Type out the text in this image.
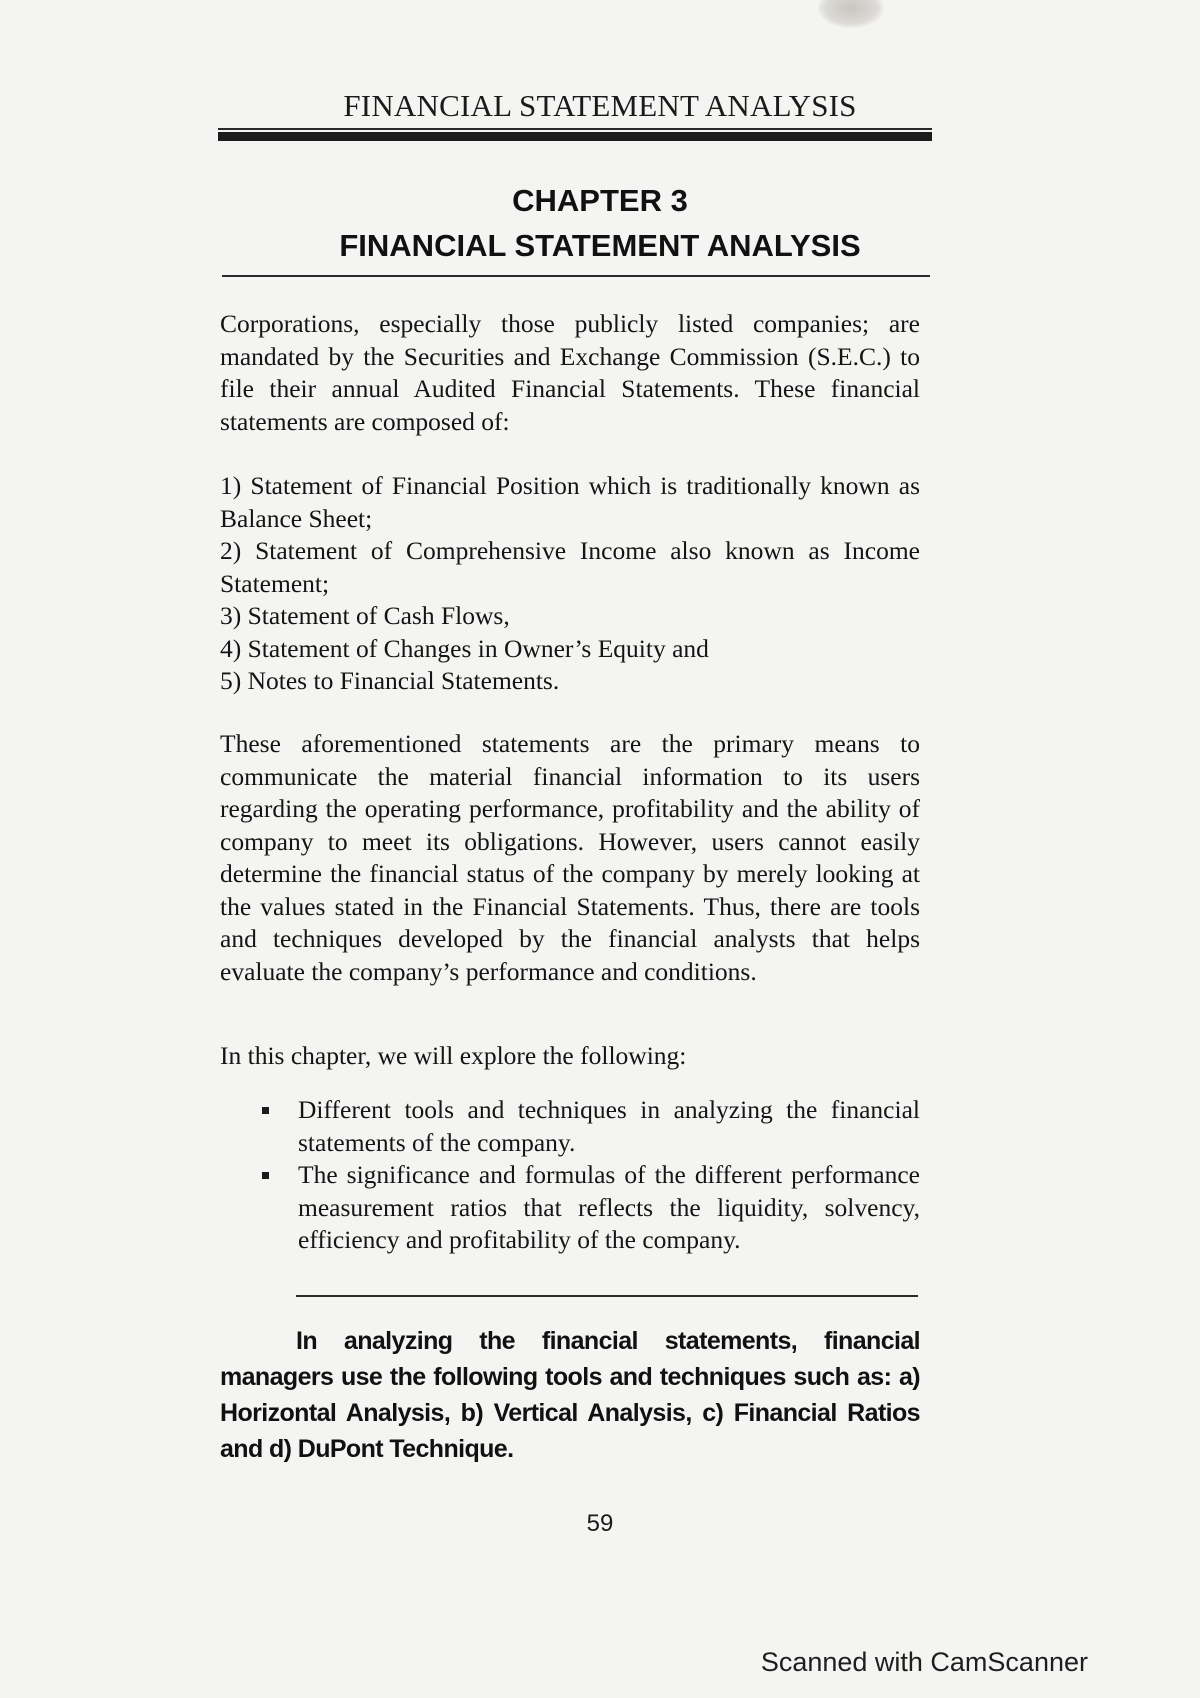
FINANCIAL STATEMENT ANALYSIS
CHAPTER 3
FINANCIAL STATEMENT ANALYSIS
Corporations, especially those publicly listed companies; are mandated by the Securities and Exchange Commission (S.E.C.) to file their annual Audited Financial Statements. These financial statements are composed of:
1) Statement of Financial Position which is traditionally known as Balance Sheet;
2) Statement of Comprehensive Income also known as Income Statement;
3) Statement of Cash Flows,
4) Statement of Changes in Owner’s Equity and
5) Notes to Financial Statements.
These aforementioned statements are the primary means to communicate the material financial information to its users regarding the operating performance, profitability and the ability of company to meet its obligations. However, users cannot easily determine the financial status of the company by merely looking at the values stated in the Financial Statements. Thus, there are tools and techniques developed by the financial analysts that helps evaluate the company’s performance and conditions.
In this chapter, we will explore the following:
Different tools and techniques in analyzing the financial statements of the company.
The significance and formulas of the different performance measurement ratios that reflects the liquidity, solvency, efficiency and profitability of the company.
In analyzing the financial statements, financial managers use the following tools and techniques such as: a) Horizontal Analysis, b) Vertical Analysis, c) Financial Ratios and d) DuPont Technique.
59
Scanned with CamScanner
